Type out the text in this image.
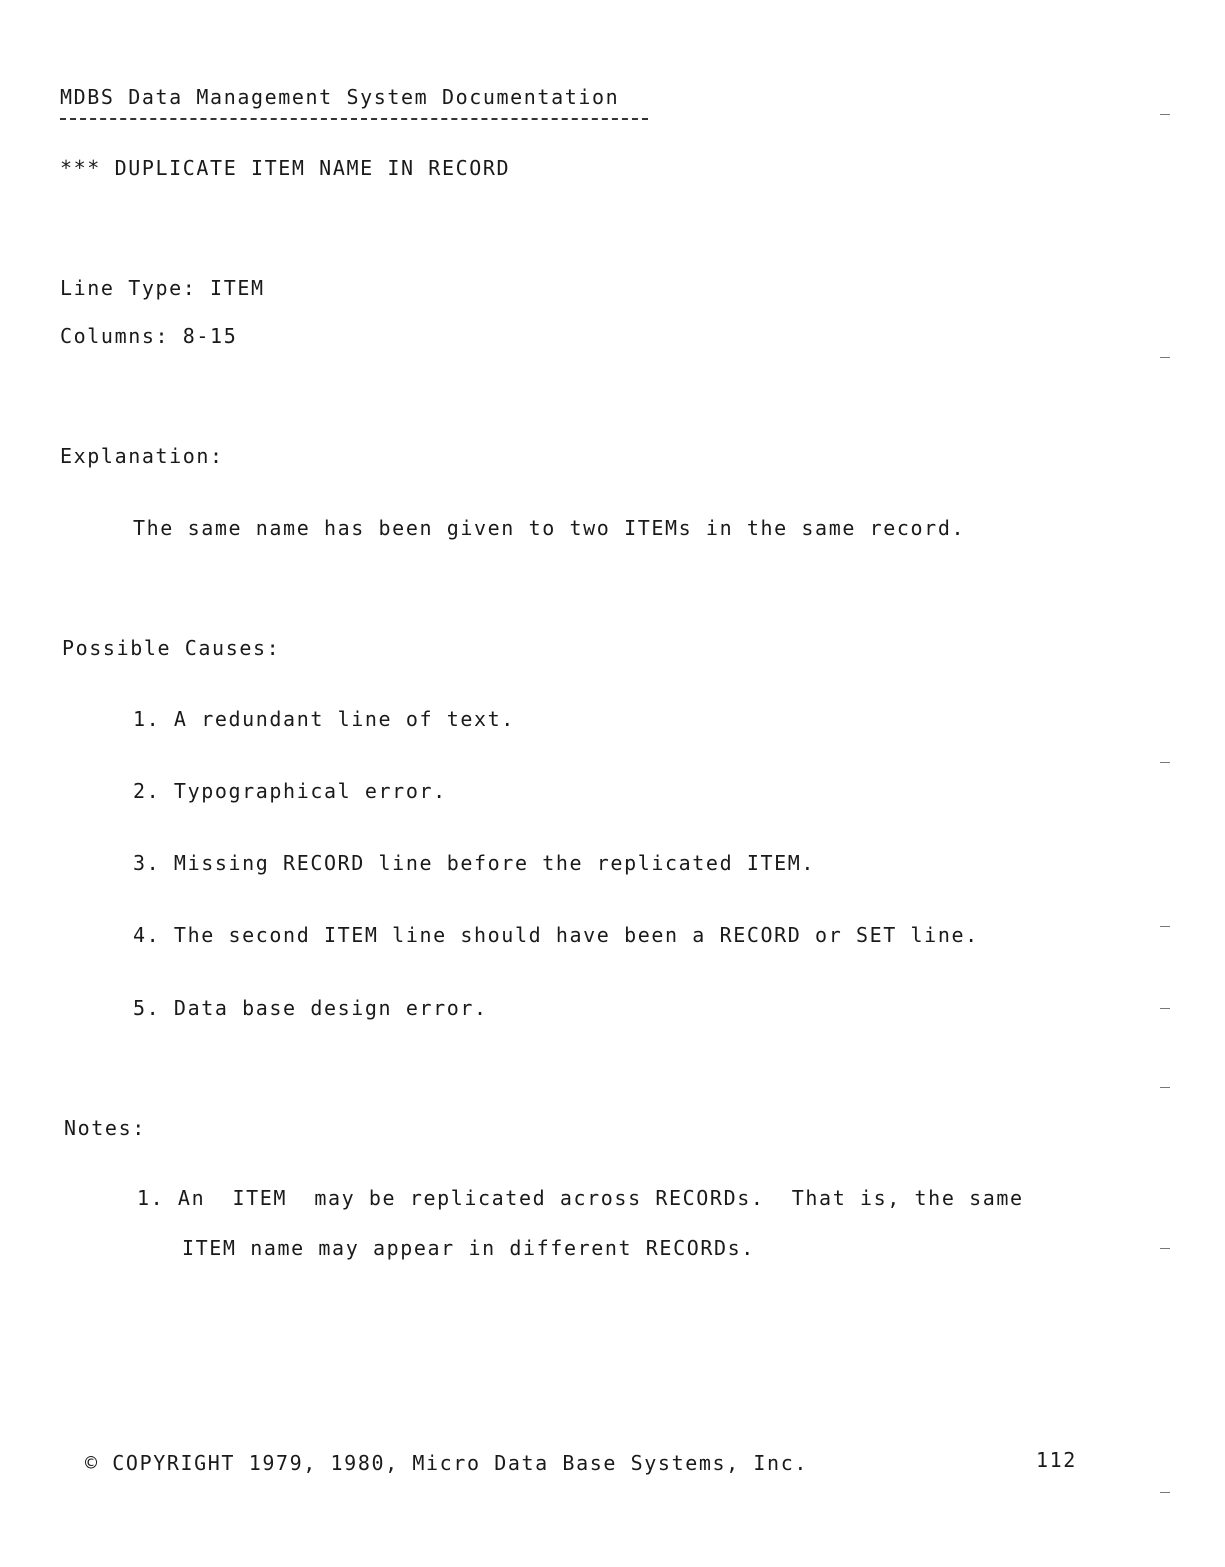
MDBS Data Management System Documentation
*** DUPLICATE ITEM NAME IN RECORD
Line Type: ITEM
Columns: 8-15
Explanation:
The same name has been given to two ITEMs in the same record.
Possible Causes:
1. A redundant line of text.
2. Typographical error.
3. Missing RECORD line before the replicated ITEM.
4. The second ITEM line should have been a RECORD or SET line.
5. Data base design error.
Notes:
1. An  ITEM  may be replicated across RECORDs.  That is, the same
ITEM name may appear in different RECORDs.
© COPYRIGHT 1979, 1980, Micro Data Base Systems, Inc.	112
